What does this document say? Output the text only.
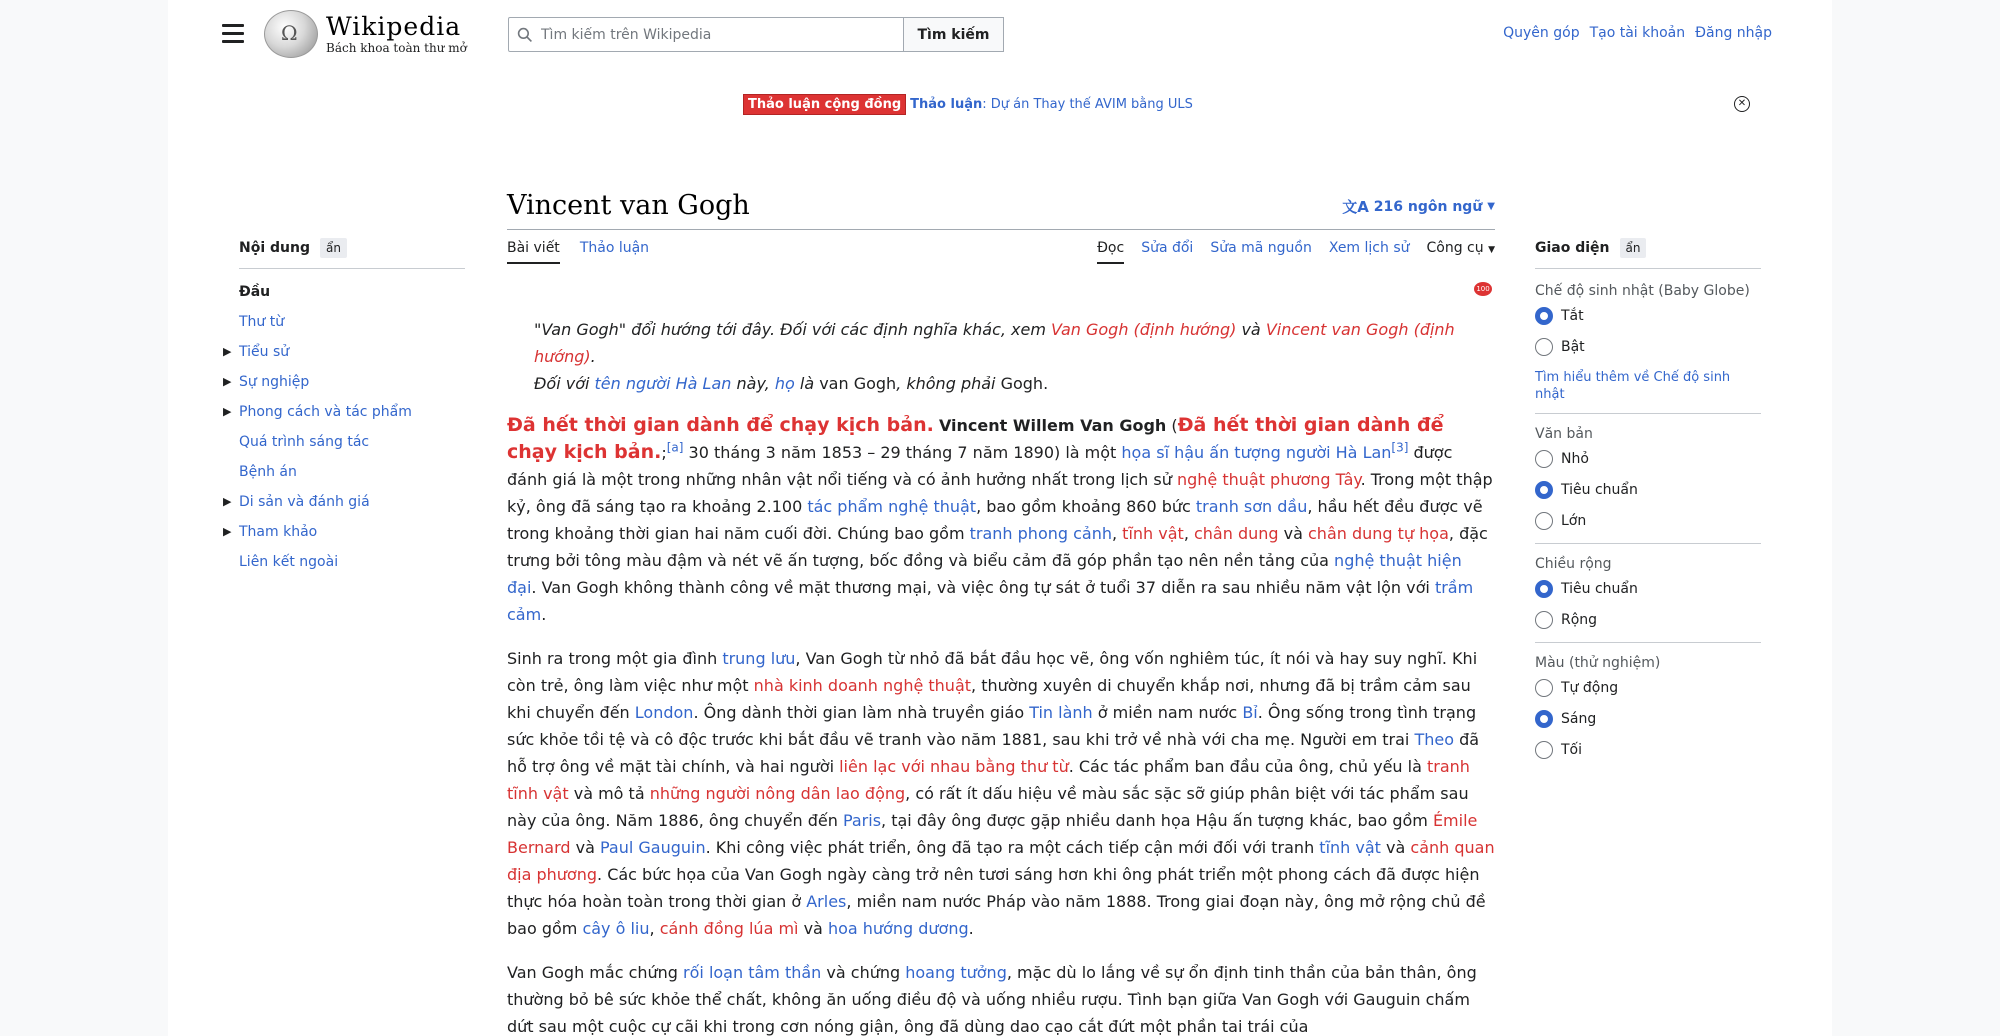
Ω
Wikipedia
Bách khoa toàn thư mở
Tìm kiếm trên Wikipedia
Tìm kiếm	Quyên góp Tạo tài khoản Đăng nhập
Thảo luận cộng đồng Thảo luận : Dự án Thay thế AVIM bằng ULS	✕
Vincent van Gogh	文A 216 ngôn ngữ ▼
Bài viết Thảo luận	Đọc Sửa đổi Sửa mã nguồn Xem lịch sử Công cụ ▼
100
Nội dung	ẩn
Đầu
Thư từ
▶ Tiểu sử
▶ Sự nghiệp
▶ Phong cách và tác phẩm
Quá trình sáng tác
Bệnh án
▶ Di sản và đánh giá
▶ Tham khảo
Liên kết ngoài
Giao diện	ẩn
Chế độ sinh nhật (Baby Globe)
Tắt
Bật
Tìm hiểu thêm về Chế độ sinh nhật
Văn bản
Nhỏ
Tiêu chuẩn
Lớn
Chiều rộng
Tiêu chuẩn
Rộng
Màu (thử nghiệm)
Tự động
Sáng
Tối
"Van Gogh" đổi hướng tới đây. Đối với các định nghĩa khác, xem Van Gogh (định hướng) và Vincent van Gogh (định hướng).
Đối với tên người Hà Lan này, họ là van Gogh, không phải Gogh.

Đã hết thời gian dành để chạy kịch bản. Vincent Willem Van Gogh (Đã hết thời gian dành để chạy kịch bản.;[a] 30 tháng 3 năm 1853 – 29 tháng 7 năm 1890) là một họa sĩ hậu ấn tượng người Hà Lan[3] được đánh giá là một trong những nhân vật nổi tiếng và có ảnh hưởng nhất trong lịch sử nghệ thuật phương Tây. Trong một thập kỷ, ông đã sáng tạo ra khoảng 2.100 tác phẩm nghệ thuật, bao gồm khoảng 860 bức tranh sơn dầu, hầu hết đều được vẽ trong khoảng thời gian hai năm cuối đời. Chúng bao gồm tranh phong cảnh, tĩnh vật, chân dung và chân dung tự họa, đặc trưng bởi tông màu đậm và nét vẽ ấn tượng, bốc đồng và biểu cảm đã góp phần tạo nên nền tảng của nghệ thuật hiện đại. Van Gogh không thành công về mặt thương mại, và việc ông tự sát ở tuổi 37 diễn ra sau nhiều năm vật lộn với trầm cảm.

Sinh ra trong một gia đình trung lưu, Van Gogh từ nhỏ đã bắt đầu học vẽ, ông vốn nghiêm túc, ít nói và hay suy nghĩ. Khi còn trẻ, ông làm việc như một nhà kinh doanh nghệ thuật, thường xuyên di chuyển khắp nơi, nhưng đã bị trầm cảm sau khi chuyển đến London. Ông dành thời gian làm nhà truyền giáo Tin lành ở miền nam nước Bỉ. Ông sống trong tình trạng sức khỏe tồi tệ và cô độc trước khi bắt đầu vẽ tranh vào năm 1881, sau khi trở về nhà với cha mẹ. Người em trai Theo đã hỗ trợ ông về mặt tài chính, và hai người liên lạc với nhau bằng thư từ. Các tác phẩm ban đầu của ông, chủ yếu là tranh tĩnh vật và mô tả những người nông dân lao động, có rất ít dấu hiệu về màu sắc sặc sỡ giúp phân biệt với tác phẩm sau này của ông. Năm 1886, ông chuyển đến Paris, tại đây ông được gặp nhiều danh họa Hậu ấn tượng khác, bao gồm Émile Bernard và Paul Gauguin. Khi công việc phát triển, ông đã tạo ra một cách tiếp cận mới đối với tranh tĩnh vật và cảnh quan địa phương. Các bức họa của Van Gogh ngày càng trở nên tươi sáng hơn khi ông phát triển một phong cách đã được hiện thực hóa hoàn toàn trong thời gian ở Arles, miền nam nước Pháp vào năm 1888. Trong giai đoạn này, ông mở rộng chủ đề bao gồm cây ô liu, cánh đồng lúa mì và hoa hướng dương.

Van Gogh mắc chứng rối loạn tâm thần và chứng hoang tưởng, mặc dù lo lắng về sự ổn định tinh thần của bản thân, ông thường bỏ bê sức khỏe thể chất, không ăn uống điều độ và uống nhiều rượu. Tình bạn giữa Van Gogh với Gauguin chấm dứt sau một cuộc cự cãi khi trong cơn nóng giận, ông đã dùng dao cạo cắt đứt một phần tai trái của
